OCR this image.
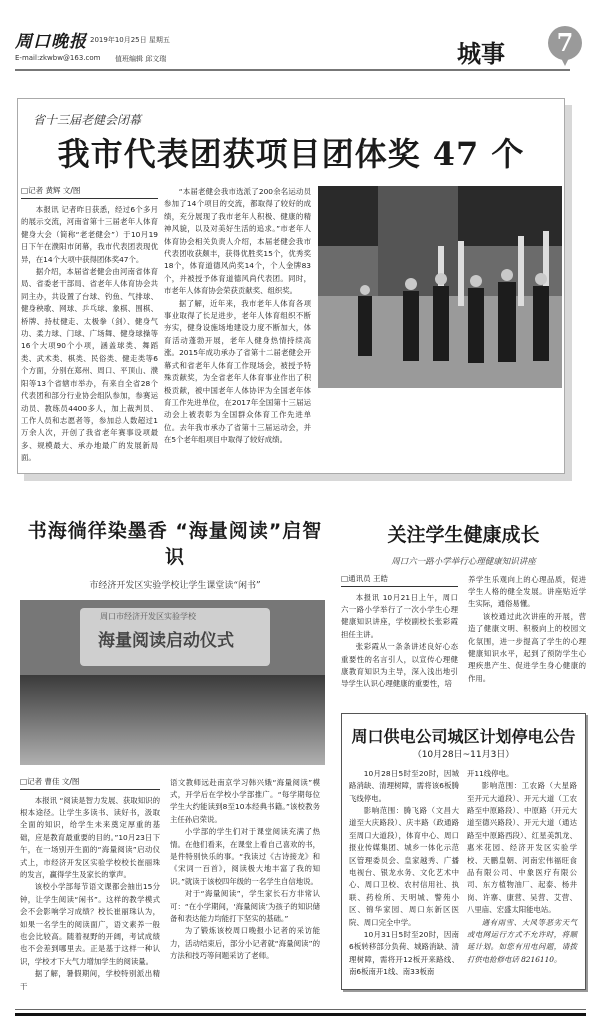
周口晚报 2019年10月25日 星期五
E-mail:zkwbw@163.com 值班编辑 邱文瑞	城事	7
省十三届老健会闭幕
我市代表团获项目团体奖 47 个
□记者 黄辉 文/图

本报讯 记者昨日获悉，经过6个多月的展示交流，河南省第十三届老年人体育健身大会（简称“老老健会”）于10月19日下午在濮阳市闭幕，我市代表团表现优异，在14个大项中获得团体奖47个。

据介绍，本届省老健会由河南省体育局、省委老干部局、省老年人体育协会共同主办，共设置了台球、钓鱼、气排球、健身秧歌、网球、乒乓球、象棋、围棋、桥牌、持杖健走、太极拳（剑）、健身气功、柔力球、门球、广场舞、健身球操等16个大项90个小项，涵盖球类、舞蹈类、武术类、棋类、民俗类、健走类等6个方面，分别在郑州、周口、平顶山、濮阳等13个省辖市举办，有来自全省28个代表团和部分行业协会组队参加，参赛运动员、教练员4400多人，加上裁判员、工作人员和志愿者等，参加总人数超过1万余人次，开创了我省老年赛事设项最多、规模最大、承办地最广的发展新局面。

“本届老健会我市选派了200余名运动员参加了14个项目的交流，都取得了较好的成绩，充分展现了我市老年人积极、健康的精神风貌，以及对美好生活的追求。”市老年人体育协会相关负责人介绍，本届老健会我市代表团收获颇丰，获得优胜奖15个，优秀奖18个，体育道德风尚奖14个，个人金牌83个，并被授予体育道德风尚代表团。同时，市老年人体育协会荣获贡献奖、组织奖。

据了解，近年来，我市老年人体育各项事业取得了长足进步，老年人体育组织不断夯实，健身设施场地建设力度不断加大，体育活动蓬勃开展，老年人健身热情持续高涨。2015年成功承办了省第十二届老健会开幕式和省老年人体育工作现场会，被授予特殊贡献奖，为全省老年人体育事业作出了积极贡献，被中国老年人体协评为全国老年体育工作先进单位，在2017年全国第十三届运动会上被表彰为全国群众体育工作先进单位。去年我市承办了省第十三届运动会，并在5个老年组项目中取得了较好成绩。

书海徜徉染墨香 “海量阅读”启智识
市经济开发区实验学校让学生课堂读“闲书”
周口市经济开发区实验学校
海量阅读启动仪式
□记者 曹佳 文/图

本报讯 “阅读是智力发展、获取知识的根本途径。让学生多读书、读好书，汲取全面的知识，给学生未来奠定厚重的基础，应是教育最重要的目的。”10月23日下午，在一场别开生面的“海量阅读”启动仪式上，市经济开发区实验学校校长崔丽珠的发言，赢得学生及家长的掌声。

该校小学部每节语文课都会抽出15分钟，让学生阅读“闲书”。这样的教学模式会不会影响学习成绩？校长崔丽珠认为，如果一名学生的阅读面广，语文素养一般也会比较高。随着视野的开阔，考试成绩也不会差到哪里去。正是基于这样一种认识，学校才下大气力增加学生的阅读量。

据了解，暑假期间，学校特别派出精干

语文教师远赴南京学习韩兴娥“海量阅读”模式，开学后在学校小学部推广。“每学期每位学生大约能读到8至10本经典书籍。”该校教务主任孙启荣说。

小学部的学生们对于课堂阅读充满了热情。在他们看来，在课堂上看自己喜欢的书，是件特别快乐的事。“我读过《古诗接龙》和《宋词一百首》，阅读极大地丰富了我的知识。”就读于该校四年级的一名学生自信地说。

对于“海量阅读”，学生家长石方非常认可：“在小学期间，‘海量阅读’为孩子的知识储备和表达能力均能打下坚实的基础。”

为了锻炼该校周口晚报小记者的采访能力，活动结束后，部分小记者就“海量阅读”的方法和技巧等问题采访了老师。

关注学生健康成长
周口六一路小学举行心理健康知识讲座
□通讯员 王皓

本报讯 10月21日上午，周口六一路小学举行了一次小学生心理健康知识讲座，学校副校长张彩霞担任主讲。

张彩霞从一条条讲述良好心态重要性的名言引人，以宣传心理健康教育知识为主导，深入浅出地引导学生认识心理健康的重要性，培

养学生乐观向上的心理品质，促进学生人格的健全发展。讲座贴近学生实际，通俗易懂。

该校通过此次讲座的开展，营造了健康文明、积极向上的校园文化氛围，进一步提高了学生的心理健康知识水平，起到了预防学生心理疾患产生、促进学生身心健康的作用。

周口供电公司城区计划停电公告
（10月28日~11月3日）

10月28日5时至20时，因城路消缺、清理树障，需将该6板腾飞线停电。

影响范围：腾飞路（文昌大道至大庆路段）、庆丰路（政通路至周口大道段），体育中心、周口报业传媒集团、城乡一体化示范区管理委员会、皇家越秀、广播电视台、银龙水务、文化艺术中心、周口卫校、农村信用社、执联、药检所、天明城、警苑小区、锦华家园、周口东新区医院、周口完全中学。

10月31日5时至20时，因南6板转移部分负荷、城路消缺、清理树障，需将开12板开来路线、南6板南开1线、南33板南

开11线停电。

影响范围：工农路（大星路至开元大道段）、开元大道（工农路至中原路段）、中原路（开元大道至德兴路段）、开元大道（通达路至中原路西段）、红星美凯龙、惠米花园、经济开发区实验学校、天鹏皇朝、河南宏伟福旺食品有限公司、中象医疗有限公司、东方植物油厂、起泰、杨井岗、许寨、康营、吴营、艾营、八里庙、宏盛太阳能电站。

遇有雨雪、大风等恶劣天气或电网运行方式不允许时，将顺延计划。如您有用电问题，请拨打供电抢修电话 8216110。
